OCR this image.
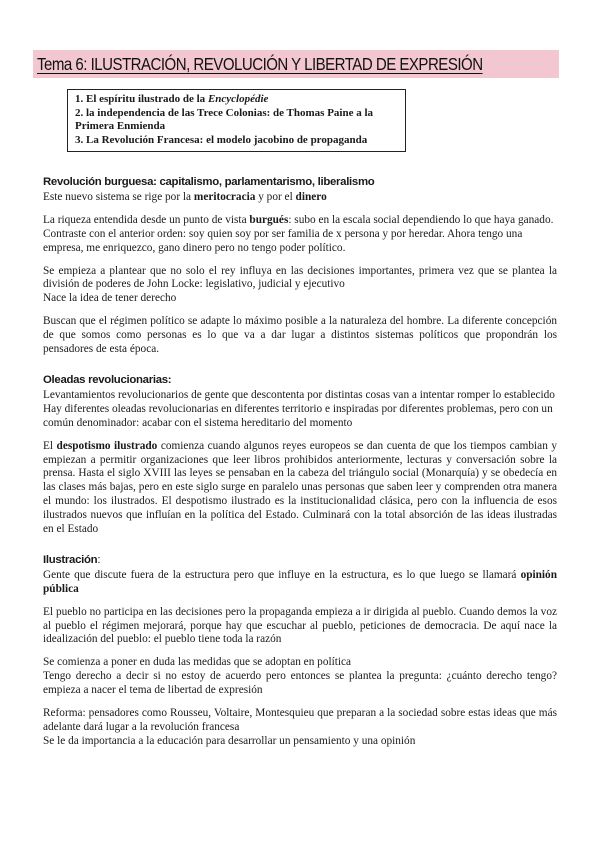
Tema 6: ILUSTRACIÓN, REVOLUCIÓN Y LIBERTAD DE EXPRESIÓN
1. El espíritu ilustrado de la Encyclopédie
2. la independencia de las Trece Colonias: de Thomas Paine a la Primera Enmienda
3. La Revolución Francesa: el modelo jacobino de propaganda
Revolución burguesa: capitalismo, parlamentarismo, liberalismo

Este nuevo sistema se rige por la meritocracia y por el dinero

La riqueza entendida desde un punto de vista burgués: subo en la escala social dependiendo lo que haya ganado. Contraste con el anterior orden: soy quien soy por ser familia de x persona y por heredar. Ahora tengo una empresa, me enriquezco, gano dinero pero no tengo poder político.

Se empieza a plantear que no solo el rey influya en las decisiones importantes, primera vez que se plantea la división de poderes de John Locke: legislativo, judicial y ejecutivo
Nace la idea de tener derecho

Buscan que el régimen político se adapte lo máximo posible a la naturaleza del hombre. La diferente concepción de que somos como personas es lo que va a dar lugar a distintos sistemas políticos que propondrán los pensadores de esta época.

Oleadas revolucionarias:

Levantamientos revolucionarios de gente que descontenta por distintas cosas van a intentar romper lo establecido

Hay diferentes oleadas revolucionarias en diferentes territorio e inspiradas por diferentes problemas, pero con un común denominador: acabar con el sistema hereditario del momento

El despotismo ilustrado comienza cuando algunos reyes europeos se dan cuenta de que los tiempos cambian y empiezan a permitir organizaciones que leer libros prohibidos anteriormente, lecturas y conversación sobre la prensa. Hasta el siglo XVIII las leyes se pensaban en la cabeza del triángulo social (Monarquía) y se obedecía en las clases más bajas, pero en este siglo surge en paralelo unas personas que saben leer y comprenden otra manera el mundo: los ilustrados. El despotismo ilustrado es la institucionalidad clásica, pero con la influencia de esos ilustrados nuevos que influían en la política del Estado. Culminará con la total absorción de las ideas ilustradas en el Estado

Ilustración:

Gente que discute fuera de la estructura pero que influye en la estructura, es lo que luego se llamará opinión pública

El pueblo no participa en las decisiones pero la propaganda empieza a ir dirigida al pueblo. Cuando demos la voz al pueblo el régimen mejorará, porque hay que escuchar al pueblo, peticiones de democracia. De aquí nace la idealización del pueblo: el pueblo tiene toda la razón

Se comienza a poner en duda las medidas que se adoptan en política
Tengo derecho a decir si no estoy de acuerdo pero entonces se plantea la pregunta: ¿cuánto derecho tengo? empieza a nacer el tema de libertad de expresión

Reforma: pensadores como Rousseu, Voltaire, Montesquieu que preparan a la sociedad sobre estas ideas que más adelante dará lugar a la revolución francesa
Se le da importancia a la educación para desarrollar un pensamiento y una opinión
